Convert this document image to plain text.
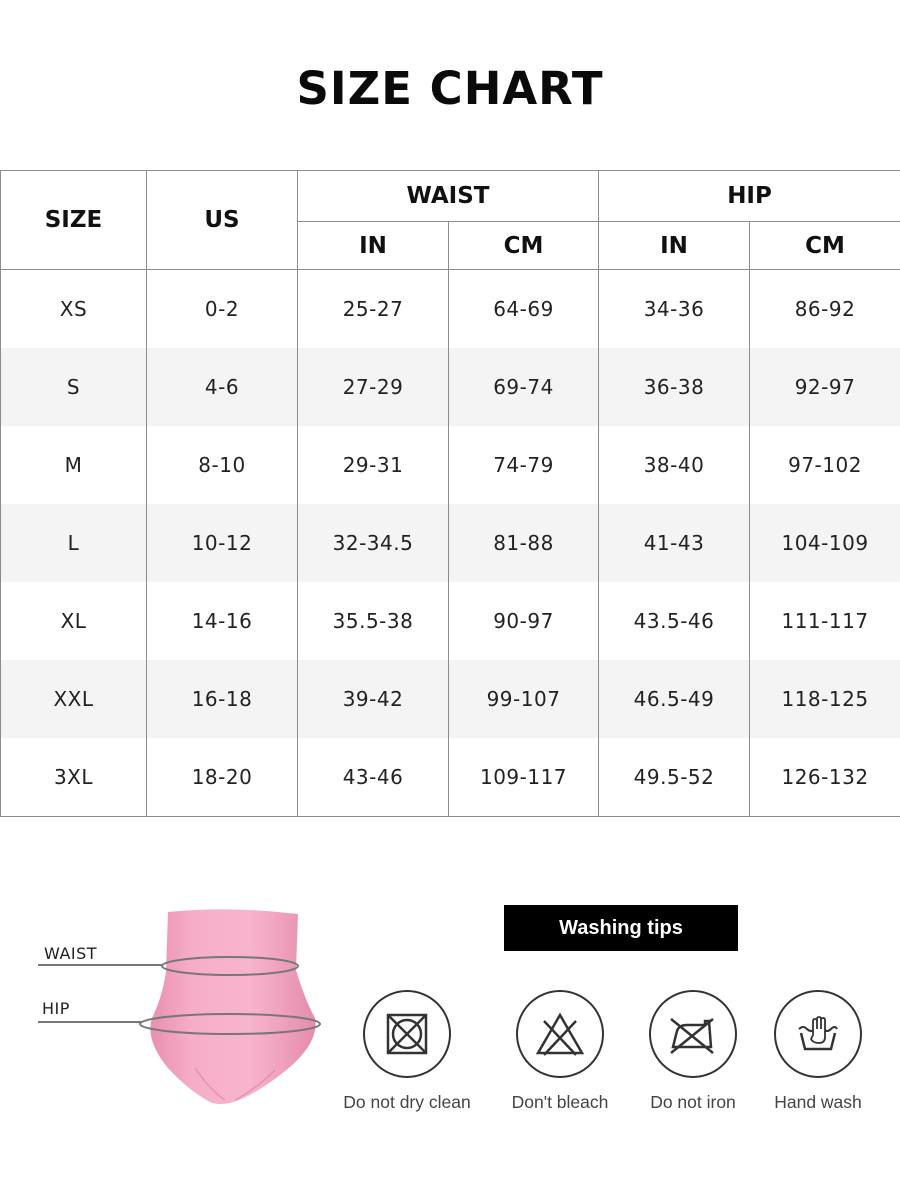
SIZE CHART
SIZE	US	WAIST		HIP	
		IN	CM	IN	CM
XS	0-2	25-27	64-69	34-36	86-92
S	4-6	27-29	69-74	36-38	92-97
M	8-10	29-31	74-79	38-40	97-102
L	10-12	32-34.5	81-88	41-43	104-109
XL	14-16	35.5-38	90-97	43.5-46	111-117
XXL	16-18	39-42	99-107	46.5-49	118-125
3XL	18-20	43-46	109-117	49.5-52	126-132
WAIST
HIP
Washing tips
Do not dry clean	Don't bleach	Do not iron	Hand wash
